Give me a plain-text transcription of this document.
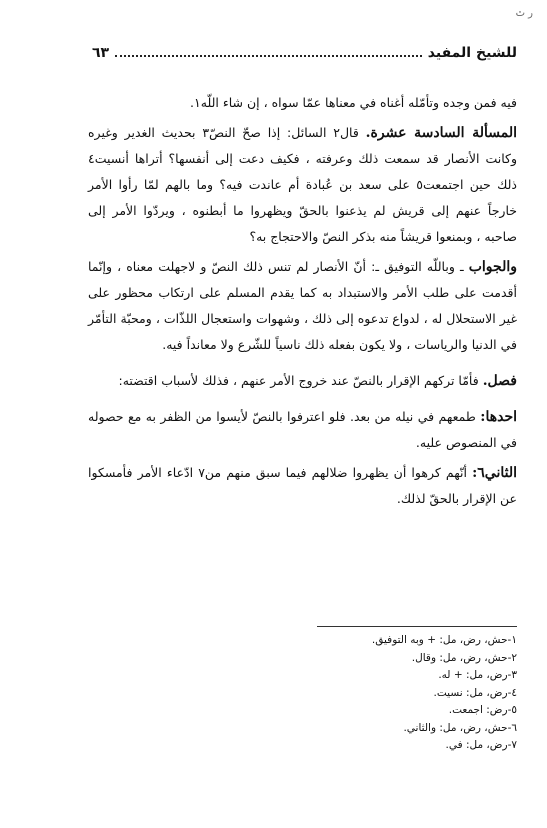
ر ٿ
للشيخ المفيد
٦٣

فيه فمن وجده وتأمّله أغناه في معناها عمّا سواه ، إن شاء اللّه١.

المسألة السادسة عشرة. قال٢ السائل: إذا صحّ النصّ٣ بحديث الغدير وغيره وكانت الأنصار قد سمعت ذلك وعرفته ، فكيف دعت إلى أنفسها؟ أتراها أنسيت٤ ذلك حين اجتمعت٥ على سعد بن عُبادة أم عاندت فيه؟ وما بالهم لمّا رأوا الأمر خارجاً عنهم إلى قريش لم يذعنوا بالحقّ ويظهروا ما أبطنوه ، ويردّوا الأمر إلى صاحبه ، وبمنعوا قريشاً منه بذكر النصّ والاحتجاج به؟

والجواب ـ وباللّه التوفيق ـ: أنّ الأنصار لم تنس ذلك النصّ و لاجهلت معناه ، وإنّما أقدمت على طلب الأمر والاستبداد به كما يقدم المسلم على ارتكاب محظور على غير الاستحلال له ، لدواع تدعوه إلى ذلك ، وشهوات واستعجال اللذّات ، ومحبّة التأمّر في الدنيا والرياسات ، ولا يكون بفعله ذلك ناسياً للشّرع ولا معانداً فيه.

فصل. فأمّا تركهم الإقرار بالنصّ عند خروج الأمر عنهم ، فذلك لأسباب اقتضته:

احدها: طمعهم في نيله من بعد. فلو اعترفوا بالنصّ لأيسوا من الظفر به مع حصوله في المنصوص عليه.

الثاني٦: أنّهم كرهوا أن يظهروا ضلالهم فيما سبق منهم من٧ ادّعاء الأمر فأمسكوا عن الإقرار بالحقّ لذلك.

١-حش، رض، مل: + وبه التوفيق.
٢-حش، رض، مل: وقال.
٣-رض، مل: + له.
٤-رض، مل: نسيت.
٥-رض: اجمعت.
٦-حش، رض، مل: والثاني.
٧-رض، مل: في.
